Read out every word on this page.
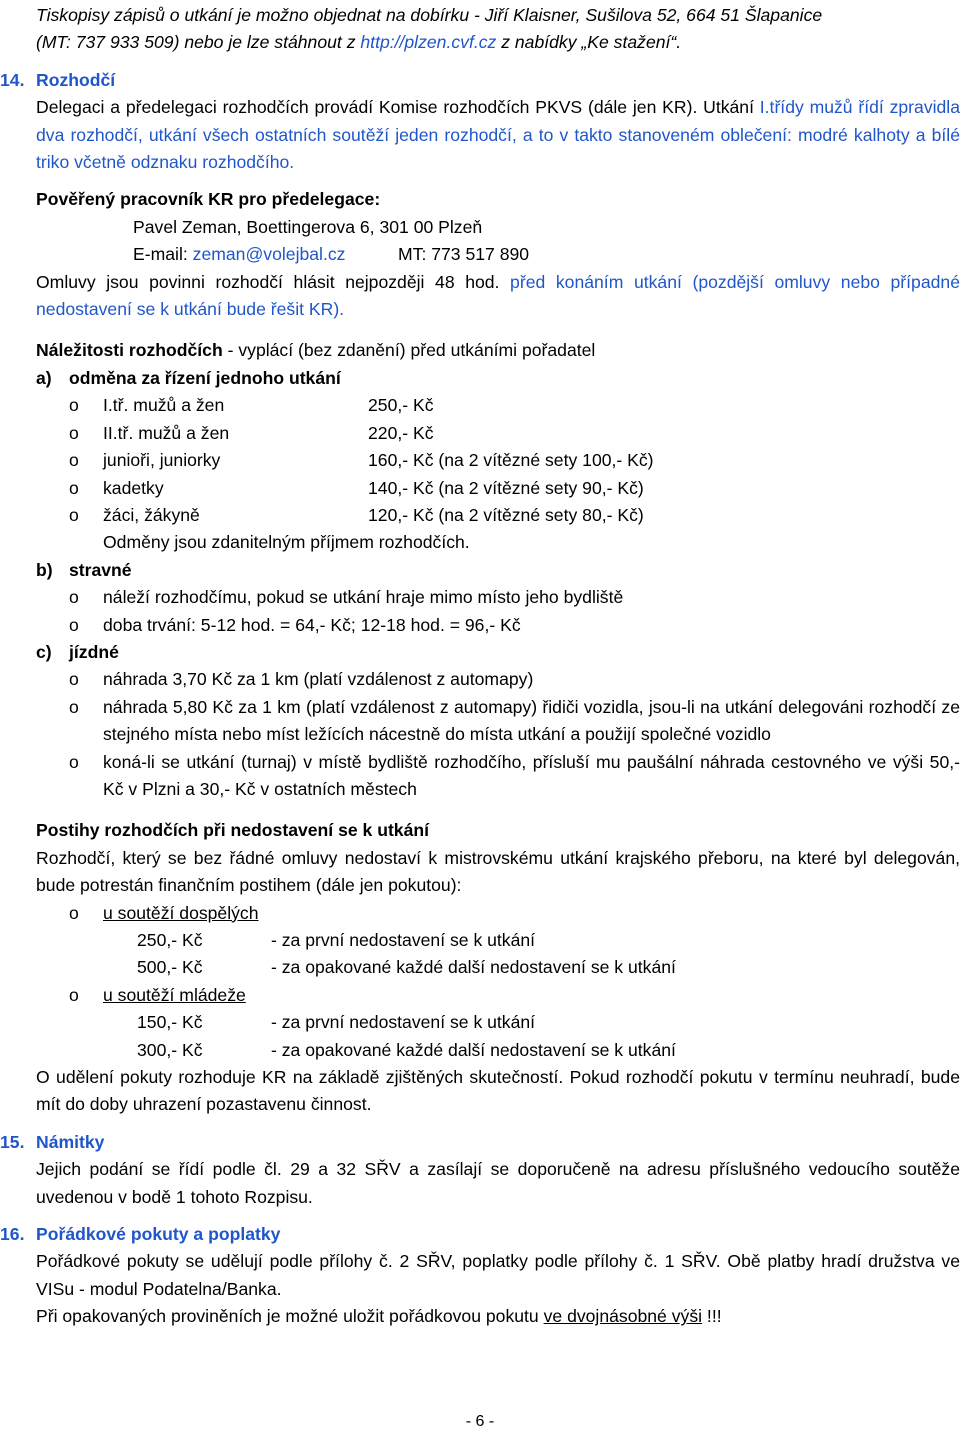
Tiskopisy zápisů o utkání je možno objednat na dobírku - Jiří Klaisner, Sušilova 52, 664 51 Šlapanice
(MT: 737 933 509) nebo je lze stáhnout z http://plzen.cvf.cz z nabídky „Ke stažení“.

14. Rozhodčí

Delegaci a předelegaci rozhodčích provádí Komise rozhodčích PKVS (dále jen KR). Utkání I.třídy mužů řídí zpravidla dva rozhodčí, utkání všech ostatních soutěží jeden rozhodčí, a to v takto stanoveném oblečení: modré kalhoty a bílé triko včetně odznaku rozhodčího.

Pověřený pracovník KR pro předelegace:

Pavel Zeman, Boettingerova 6, 301 00 Plzeň
E-mail: zeman@volejbal.cz	MT: 773 517 890

Omluvy jsou povinni rozhodčí hlásit nejpozději 48 hod. před konáním utkání (pozdější omluvy nebo případné nedostavení se k utkání bude řešit KR).

Náležitosti rozhodčích - vyplácí (bez zdanění) před utkáními pořadatel

a) odměna za řízení jednoho utkání
o	I.tř. mužů a žen	250,- Kč
o	II.tř. mužů a žen	220,- Kč
o	junioři, juniorky	160,- Kč (na 2 vítězné sety 100,- Kč)
o	kadetky	140,- Kč (na 2 vítězné sety 90,- Kč)
o	žáci, žákyně	120,- Kč (na 2 vítězné sety 80,- Kč)
Odměny jsou zdanitelným příjmem rozhodčích.
b) stravné
o	náleží rozhodčímu, pokud se utkání hraje mimo místo jeho bydliště
o	doba trvání: 5-12 hod. = 64,- Kč; 12-18 hod. = 96,- Kč
c) jízdné
o	náhrada 3,70 Kč za 1 km (platí vzdálenost z automapy)
o	náhrada 5,80 Kč za 1 km (platí vzdálenost z automapy) řidiči vozidla, jsou-li na utkání delegováni rozhodčí ze stejného místa nebo míst ležících nácestně do místa utkání a použijí společné vozidlo
o	koná-li se utkání (turnaj) v místě bydliště rozhodčího, přísluší mu paušální náhrada cestovného ve výši 50,- Kč v Plzni a 30,- Kč v ostatních městech

Postihy rozhodčích při nedostavení se k utkání

Rozhodčí, který se bez řádné omluvy nedostaví k mistrovskému utkání krajského přeboru, na které byl delegován, bude potrestán finančním postihem (dále jen pokutou):

o	u soutěží dospělých
250,- Kč	- za první nedostavení se k utkání
500,- Kč	- za opakované každé další nedostavení se k utkání
o	u soutěží mládeže
150,- Kč	- za první nedostavení se k utkání
300,- Kč	- za opakované každé další nedostavení se k utkání

O udělení pokuty rozhoduje KR na základě zjištěných skutečností. Pokud rozhodčí pokutu v termínu neuhradí, bude mít do doby uhrazení pozastavenu činnost.

15. Námitky

Jejich podání se řídí podle čl. 29 a 32 SŘV a zasílají se doporučeně na adresu příslušného vedoucího soutěže uvedenou v bodě 1 tohoto Rozpisu.

16. Pořádkové pokuty a poplatky

Pořádkové pokuty se udělují podle přílohy č. 2 SŘV, poplatky podle přílohy č. 1 SŘV. Obě platby hradí družstva ve VISu - modul Podatelna/Banka.

Při opakovaných proviněních je možné uložit pořádkovou pokutu ve dvojnásobné výši !!!

- 6 -
